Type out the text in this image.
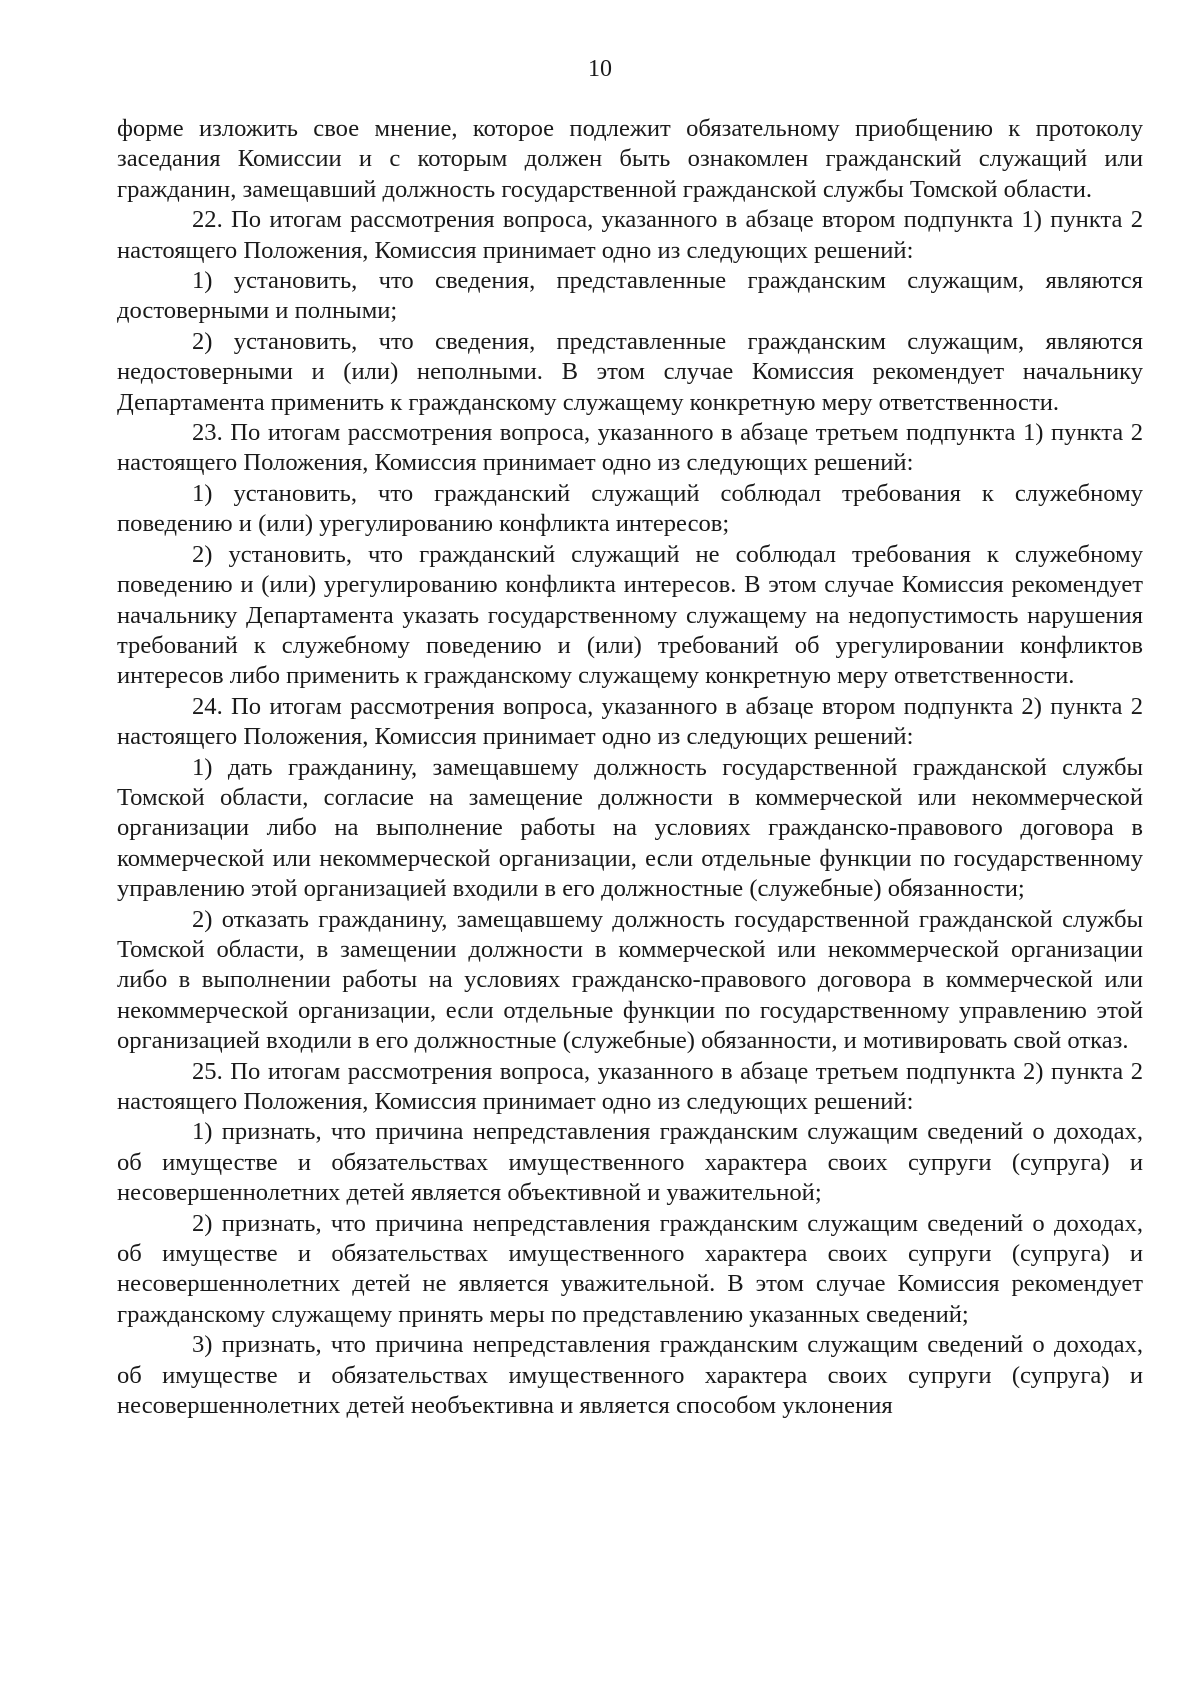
10

форме изложить свое мнение, которое подлежит обязательному приобщению к протоколу заседания Комиссии и с которым должен быть ознакомлен гражданский служащий или гражданин, замещавший должность государственной гражданской службы Томской области.

22. По итогам рассмотрения вопроса, указанного в абзаце втором подпункта 1) пункта 2 настоящего Положения, Комиссия принимает одно из следующих решений:

1) установить, что сведения, представленные гражданским служащим, являются достоверными и полными;

2) установить, что сведения, представленные гражданским служащим, являются недостоверными и (или) неполными. В этом случае Комиссия рекомендует начальнику Департамента применить к гражданскому служащему конкретную меру ответственности.

23. По итогам рассмотрения вопроса, указанного в абзаце третьем подпункта 1) пункта 2 настоящего Положения, Комиссия принимает одно из следующих решений:

1) установить, что гражданский служащий соблюдал требования к служебному поведению и (или) урегулированию конфликта интересов;

2) установить, что гражданский служащий не соблюдал требования к служебному поведению и (или) урегулированию конфликта интересов. В этом случае Комиссия рекомендует начальнику Департамента указать государственному служащему на недопустимость нарушения требований к служебному поведению и (или) требований об урегулировании конфликтов интересов либо применить к гражданскому служащему конкретную меру ответственности.

24. По итогам рассмотрения вопроса, указанного в абзаце втором подпункта 2) пункта 2 настоящего Положения, Комиссия принимает одно из следующих решений:

1) дать гражданину, замещавшему должность государственной гражданской службы Томской области, согласие на замещение должности в коммерческой или некоммерческой организации либо на выполнение работы на условиях гражданско-правового договора в коммерческой или некоммерческой организации, если отдельные функции по государственному управлению этой организацией входили в его должностные (служебные) обязанности;

2) отказать гражданину, замещавшему должность государственной гражданской службы Томской области, в замещении должности в коммерческой или некоммерческой организации либо в выполнении работы на условиях гражданско-правового договора в коммерческой или некоммерческой организации, если отдельные функции по государственному управлению этой организацией входили в его должностные (служебные) обязанности, и мотивировать свой отказ.

25. По итогам рассмотрения вопроса, указанного в абзаце третьем подпункта 2) пункта 2 настоящего Положения, Комиссия принимает одно из следующих решений:

1) признать, что причина непредставления гражданским служащим сведений о доходах, об имуществе и обязательствах имущественного характера своих супруги (супруга) и несовершеннолетних детей является объективной и уважительной;

2) признать, что причина непредставления гражданским служащим сведений о доходах, об имуществе и обязательствах имущественного характера своих супруги (супруга) и несовершеннолетних детей не является уважительной. В этом случае Комиссия рекомендует гражданскому служащему принять меры по представлению указанных сведений;

3) признать, что причина непредставления гражданским служащим сведений о доходах, об имуществе и обязательствах имущественного характера своих супруги (супруга) и несовершеннолетних детей необъективна и является способом уклонения
